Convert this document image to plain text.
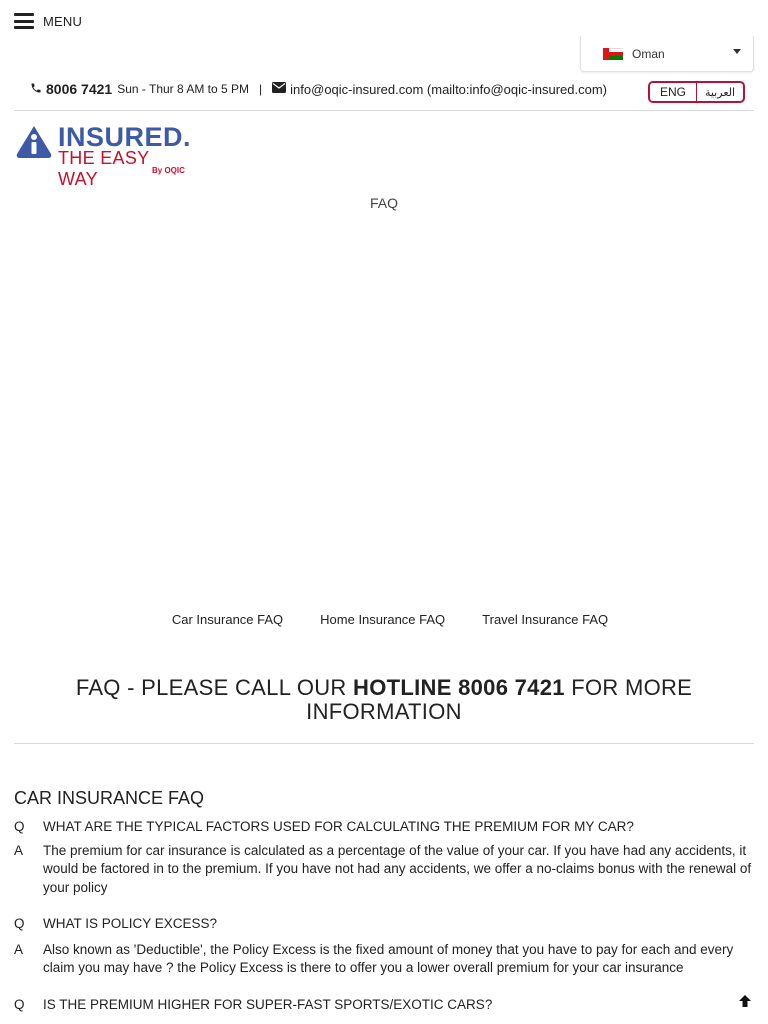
MENU
Oman
8006 7421 Sun - Thur 8 AM to 5 PM | info@oqic-insured.com (mailto:info@oqic-insured.com)	ENG	العربية
INSURED.
THE EASY WAY	By OQIC
FAQ
Car Insurance FAQ	Home Insurance FAQ	Travel Insurance FAQ
FAQ - PLEASE CALL OUR HOTLINE 8006 7421 FOR MORE INFORMATION
CAR INSURANCE FAQ
Q	WHAT ARE THE TYPICAL FACTORS USED FOR CALCULATING THE PREMIUM FOR MY CAR?
A	The premium for car insurance is calculated as a percentage of the value of your car. If you have had any accidents, it would be factored in to the premium. If you have not had any accidents, we offer a no-claims bonus with the renewal of your policy
Q	WHAT IS POLICY EXCESS?
A	Also known as 'Deductible', the Policy Excess is the fixed amount of money that you have to pay for each and every claim you may have ? the Policy Excess is there to offer you a lower overall premium for your car insurance
Q	IS THE PREMIUM HIGHER FOR SUPER-FAST SPORTS/EXOTIC CARS?
